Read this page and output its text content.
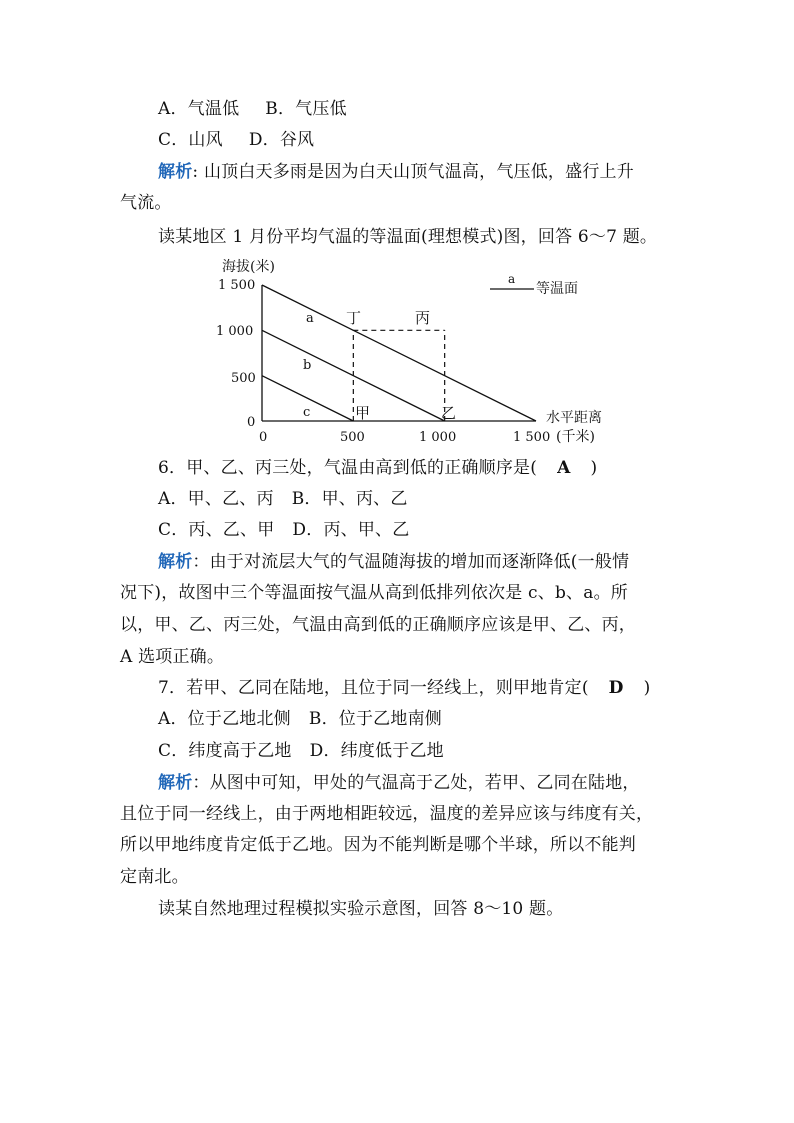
A．气温低 B．气压低
C．山风 D．谷风
解析: 山顶白天多雨是因为白天山顶气温高，气压低，盛行上升
气流。
读某地区 1 月份平均气温的等温面(理想模式)图，回答 6～7 题。
海拔(米)
1 500
1 000
500
0
0	500	1 000	1 500
水平距离
(千米)
a
等温面
a
b
c
丁	丙
甲	乙
6．甲、乙、丙三处，气温由高到低的正确顺序是( A )
A．甲、乙、丙 B．甲、丙、乙
C．丙、乙、甲 D．丙、甲、乙
解析：由于对流层大气的气温随海拔的增加而逐渐降低(一般情
况下)，故图中三个等温面按气温从高到低排列依次是 c、b、a。所
以，甲、乙、丙三处，气温由高到低的正确顺序应该是甲、乙、丙，
A 选项正确。
7．若甲、乙同在陆地，且位于同一经线上，则甲地肯定( D )
A．位于乙地北侧 B．位于乙地南侧
C．纬度高于乙地 D．纬度低于乙地
解析：从图中可知，甲处的气温高于乙处，若甲、乙同在陆地，
且位于同一经线上，由于两地相距较远，温度的差异应该与纬度有关，
所以甲地纬度肯定低于乙地。因为不能判断是哪个半球，所以不能判
定南北。
读某自然地理过程模拟实验示意图，回答 8～10 题。
